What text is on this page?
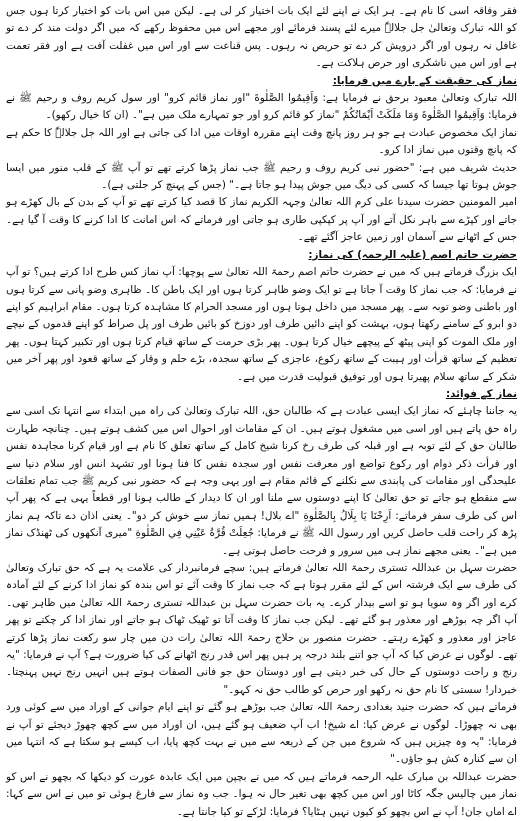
فقر وفاقہ اسی کا نام ہے۔ ہر ایک نے اپنے لئے ایک بات اختیار کر لی ہے۔ لیکن میں اس بات کو اختیار کرتا ہوں جس کو اللہ تبارک وتعالیٰ جل جلالہٗ میرے لئے پسند فرمائے اور مجھے اس میں محفوظ رکھے کہ میں اگر دولت مند کر دے تو غافل نہ رہوں اور اگر درویش کر دے تو حریص نہ رہوں۔ پس قناعت سے اور اس میں غفلت آفت ہے اور فقر تعمت ہے اور اس میں ناشکری اور حرص ہلاکت ہے۔

نماز کی حقیقت کے بارے میں فرمایا:

اللہ تبارک وتعالیٰ معبود برحق نے فرمایا ہے: وَاَقِيمُوا الصَّلٰوةَ "اور نماز قائم کرو" اور سول کریم روف و رحیم ﷺ نے فرمایا: وَاَقِيمُوا الصَّلٰوةَ وَمَا مَلَكَتْ اَيْمَانُكُمْ "نماز کو قائم کرو اور جو تمہارے ملک میں ہے"۔ (ان کا خیال رکھو)۔

نماز ایک مخصوص عبادت ہے جو ہر روز پانچ وقت اپنے مقررہ اوقات میں ادا کی جاتی ہے اور اللہ جل جلالہٗ کا حکم ہے کہ پانچ وقتوں میں نماز ادا کرو۔

حدیث شریف میں ہے: "حضور نبی کریم روف و رحیم ﷺ جب نماز پڑھا کرتے تھے تو آپ ﷺ کے قلب منور میں ایسا جوش ہوتا تھا جیسا کہ کسی کی دیگ میں جوش پیدا ہو جاتا ہے۔" (جس کے پہنچ کر جلتی ہے)۔

امیر المومنین حضرت سیدنا علی کرم اللہ تعالیٰ وجہہ الکریم نماز کا قصد کیا کرتے تھے تو آپ کے بدن کے بال کھڑے ہو جاتے اور کپڑے سے باہر نکل آتے اور آپ پر کپکپی طاری ہو جاتی اور فرماتے کہ اس امانت کا ادا کرنے کا وقت آ گیا ہے۔ جس کے اٹھانے سے آسمان اور زمین عاجز آگئے تھے۔

حضرت حاتم اصم (علیہ الرحمہ) کی نماز:

ایک بزرگ فرماتے ہیں کہ میں نے حضرت حاتم اصم رحمۃ اللہ تعالیٰ سے پوچھا: آپ نماز کس طرح ادا کرتے ہیں؟ تو آپ نے فرمایا: کہ جب نماز کا وقت آ جاتا ہے تو ایک وضو ظاہر کرتا ہوں اور ایک باطن کا۔ ظاہری وضو پانی سے کرتا ہوں اور باطنی وضو توبہ سے۔ پھر مسجد میں داخل ہوتا ہوں اور مسجد الحرام کا مشاہدہ کرتا ہوں۔ مقام ابراہیم کو اپنے دو ابرو کے سامنے رکھتا ہوں، بہشت کو اپنے دائیں طرف اور دوزخ کو بائیں طرف اور پل صراط کو اپنے قدموں کے نیچے اور ملک الموت کو اپنی پیٹھ کے پیچھے خیال کرتا ہوں۔ پھر بڑی حرمت کے ساتھ قیام کرتا ہوں اور تکبیر کہتا ہوں۔ پھر تعظیم کے ساتھ قرأت اور ہیبت کے ساتھ رکوع، عاجزی کے ساتھ سجدہ، بڑے حلم و وقار کے ساتھ قعود اور پھر آخر میں شکر کے ساتھ سلام پھیرتا ہوں اور توفیق قبولیت قدرت میں ہے۔

نماز کے فوائد:

یہ جاننا چاہئے کہ نماز ایک ایسی عبادت ہے کہ طالبان حق، اللہ تبارک وتعالیٰ کی راہ میں ابتداء سے انتہا تک اسی سے راہ حق پاتے ہیں اور اسی میں مشغول ہوتے ہیں۔ ان کے مقامات اور احوال اس میں کشف ہوتے ہیں۔ چنانچہ طہارت طالبان حق کے لئے توبہ ہے اور قبلہ کی طرف رخ کرنا شیخ کامل کے ساتھ تعلق کا نام ہے اور قیام کرنا مجاہدہ نفس اور قرأت ذکر دوام اور رکوع تواضع اور معرفت نفس اور سجدہ نفس کا فنا ہونا اور تشہد انس اور سلام دنیا سے علیحدگی اور مقامات کی پابندی سے نکلنے کے قائم مقام ہے اور یہی وجہ ہے کہ حضور نبی کریم ﷺ جب تمام تعلقات سے منقطع ہو جاتے تو حق تعالیٰ کا اپنے دوستوں سے ملنا اور ان کا دیدار کے طالب ہونا اور قطعاً یہی ہے کہ پھر آپ اس کی طرف سفر فرماتے: اَرِحْنَا يَا بِلَالُ بِالصَّلٰوةِ "اے بلال! ہمیں نماز سے خوش کر دو"۔ یعنی اذان دے تاکہ ہم نماز پڑھ کر راحت قلب حاصل کریں اور رسول اللہ ﷺ نے فرمایا: جُعِلَتْ قُرَّةُ عَيْنِي فِي الصَّلٰوةِ "میری آنکھوں کی ٹھنڈک نماز میں ہے"۔ یعنی مجھے نماز ہی میں سرور و فرحت حاصل ہوتی ہے۔

حضرت سہل بن عبداللہ تستری رحمۃ اللہ تعالیٰ فرماتے ہیں: سچے فرمانبردار کی علامت یہ ہے کہ حق تبارک وتعالیٰ کی طرف سے ایک فرشتہ اس کے لئے مقرر ہوتا ہے کہ جب نماز کا وقت آئے تو اس بندہ کو نماز ادا کرنے کے لئے آمادہ کرے اور اگر وہ سویا ہو تو اسے بیدار کرے۔ یہ بات حضرت سہل بن عبداللہ تستری رحمۃ اللہ تعالیٰ میں ظاہر تھی۔ آپ اگر چہ بوڑھے اور معذور ہو گئے تھے۔ لیکن جب نماز کا وقت آتا تو ٹھیک ٹھاک ہو جاتے اور نماز ادا کر چکتے تو پھر عاجز اور معذور و کھڑے رہتے۔ حضرت منصور بن حلاج رحمۃ اللہ تعالیٰ رات دن میں چار سو رکعت نماز پڑھا کرتے تھے۔ لوگوں نے عرض کیا کہ آپ جو اتنے بلند درجہ پر ہیں پھر اس قدر رنج اٹھانے کی کیا ضرورت ہے؟ آپ نے فرمایا: "یہ رنج و راحت دوستوں کے حال کی خبر دیتی ہے اور دوستان حق جو فانی الصفات ہوتے ہیں انہیں رنج نہیں پہنچتا۔ خبردار! سستی کا نام حق نہ رکھو اور حرص کو طالب حق نہ کہو۔"

فرماتے ہیں کہ حضرت جنید بغدادی رحمۃ اللہ تعالیٰ جب بوڑھے ہو گئے تو اپنے ایام جوانی کے اوراد میں سے کوئی ورد بھی نہ چھوڑا۔ لوگوں نے عرض کیا: اے شیخ! اب آپ ضعیف ہو گئے ہیں، ان اوراد میں سے کچھ چھوڑ دیجئے تو آپ نے فرمایا: "یہ وہ چیزیں ہیں کہ شروع میں جن کے ذریعہ سے میں نے بہت کچھ پایا، اب کیسے ہو سکتا ہے کہ انتہا میں ان سے کنارہ کش ہو جاؤں۔"

حضرت عبداللہ بن مبارک علیہ الرحمہ فرماتے ہیں کہ میں نے بچپن میں ایک عابدہ عورت کو دیکھا کہ بچھو نے اس کو نماز میں چالیس جگہ کاٹا اور اس میں کچھ بھی تغیر حال نہ ہوا۔ جب وہ نماز سے فارغ ہوئی تو میں نے اس سے کہا: اے اماں جان! آپ نے اس بچھو کو کیوں نہیں ہٹایا؟ فرمایا: لڑکے تو کیا جانتا ہے۔
